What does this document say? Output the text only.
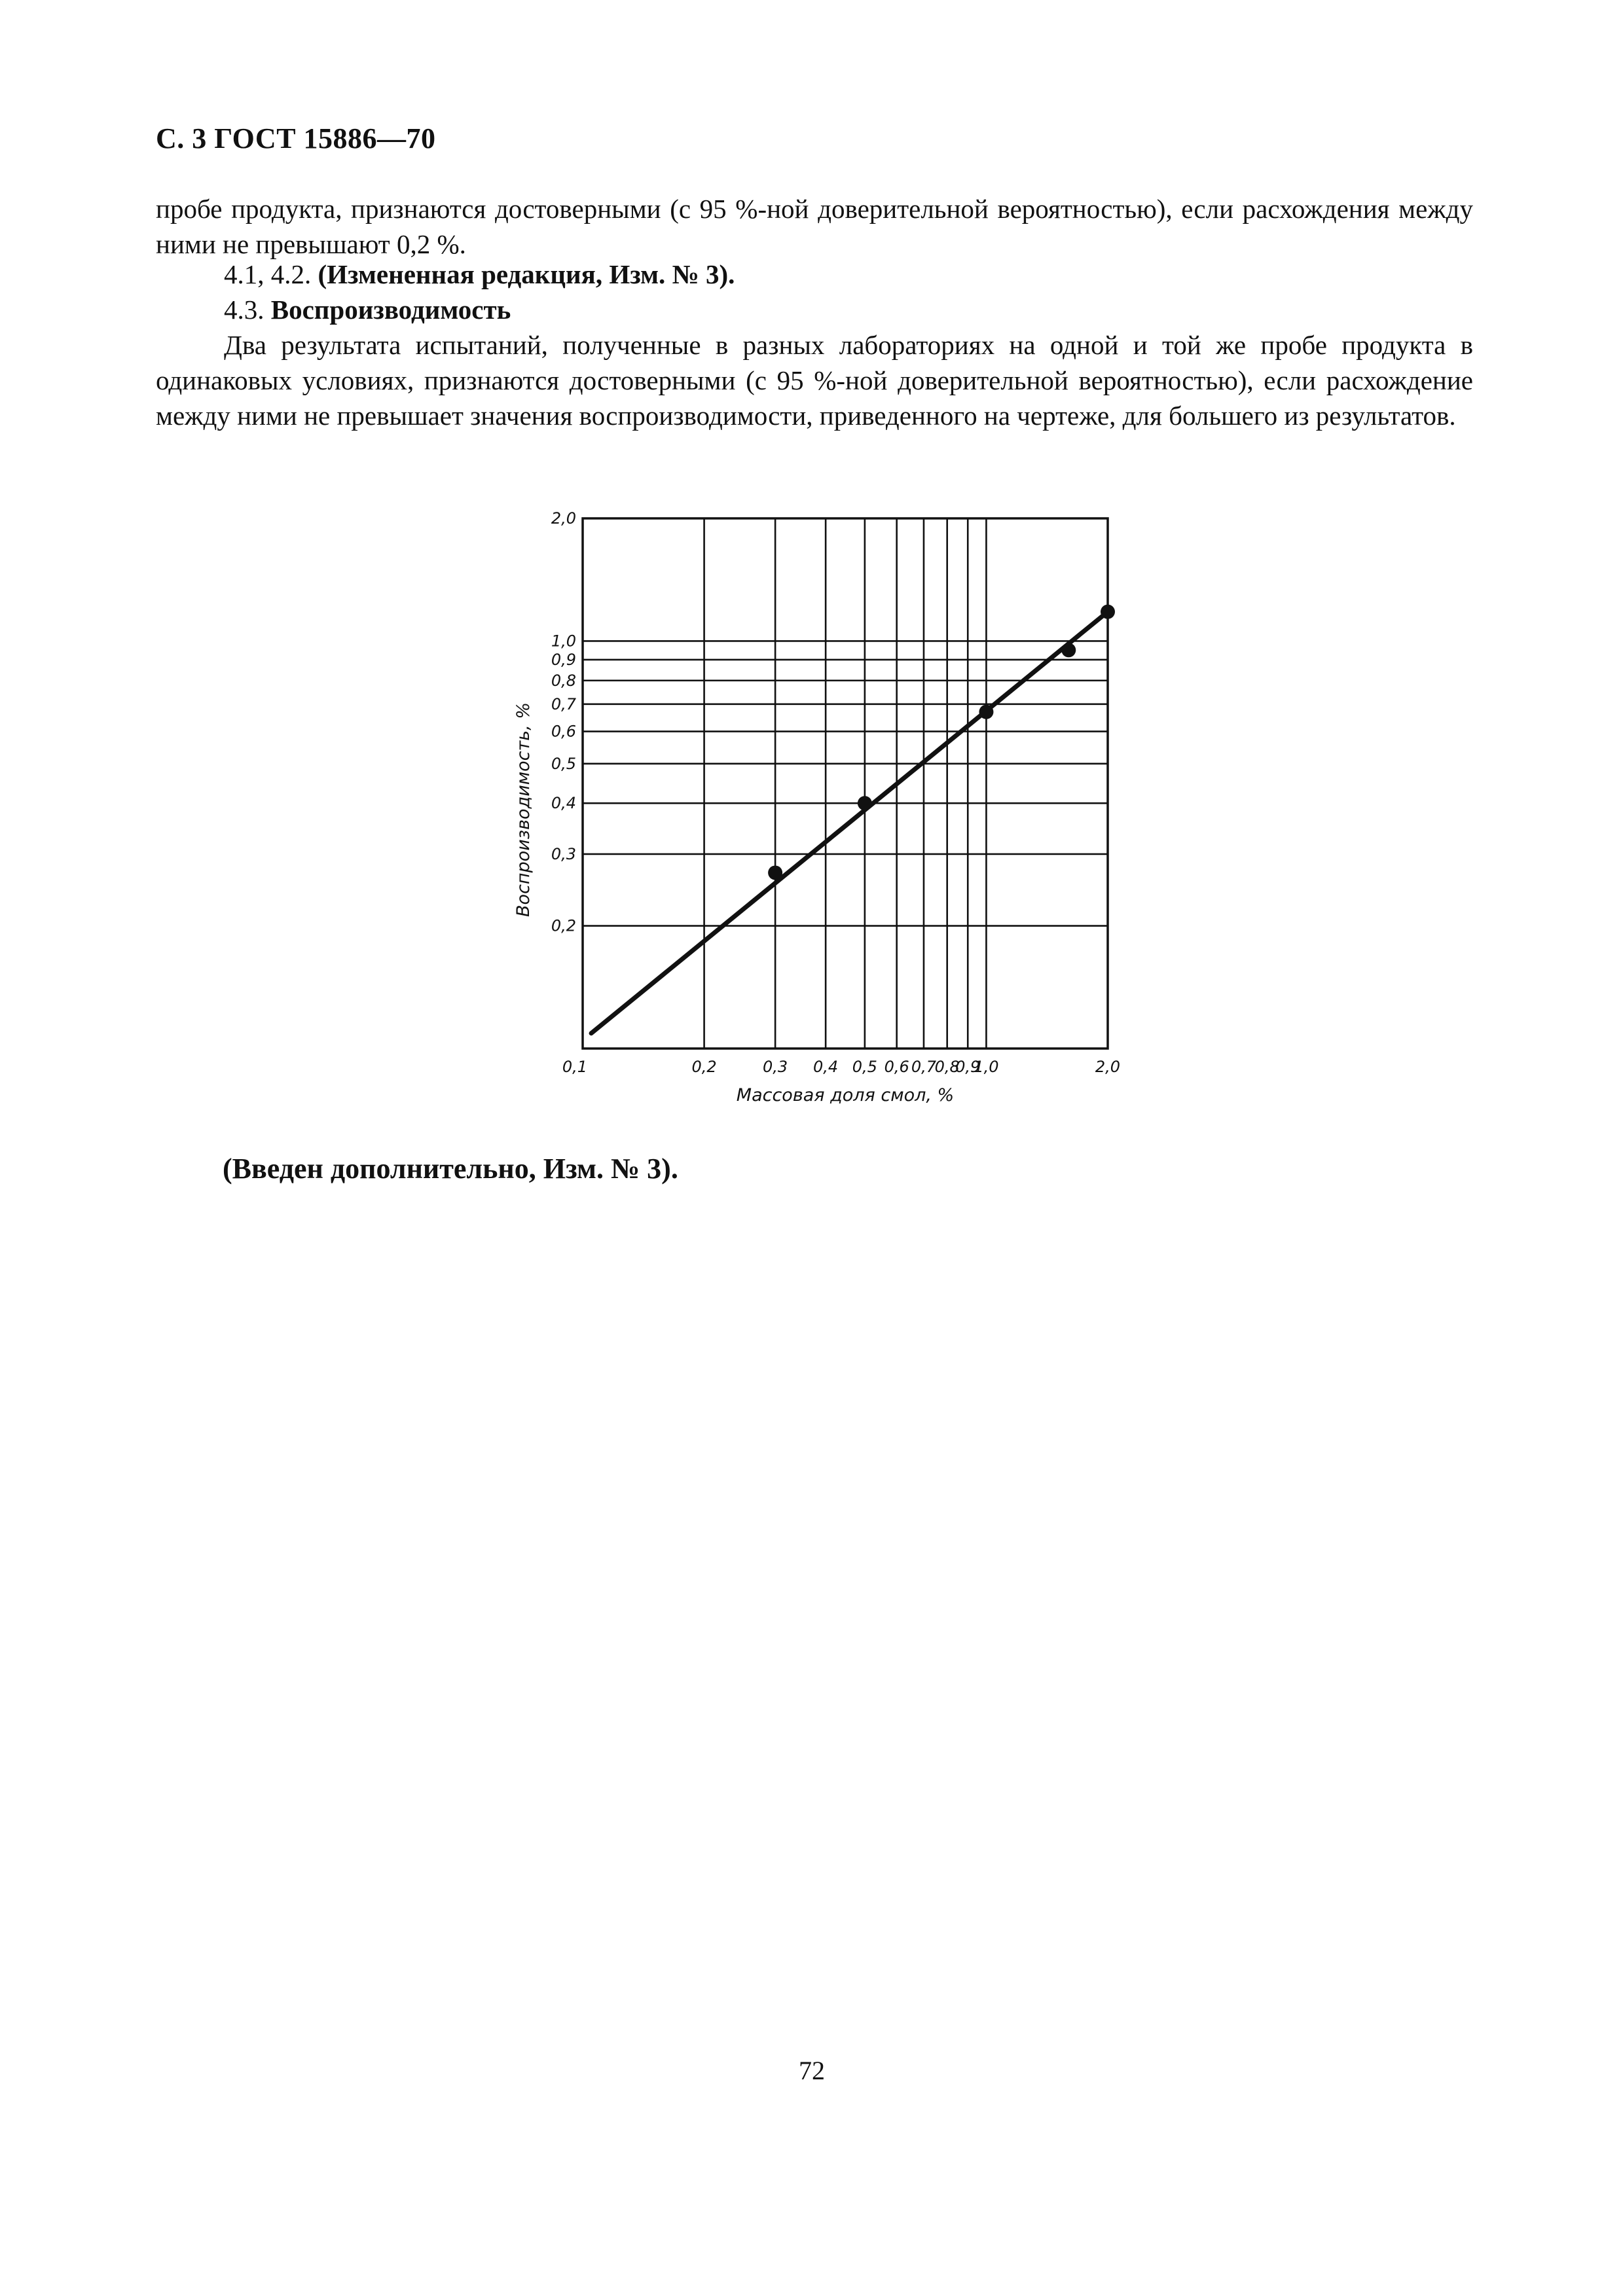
С. 3 ГОСТ 15886—70
пробе продукта, признаются достоверными (с 95 %-ной доверительной вероятностью), если расхождения между ними не превышают 0,2 %.
4.1, 4.2. (Измененная редакция, Изм. № 3).
4.3. Воспроизводимость
Два результата испытаний, полученные в разных лабораториях на одной и той же пробе продукта в одинаковых условиях, признаются достоверными (с 95 %-ной доверительной вероятностью), если расхождение между ними не превышает значения воспроизводимости, приведенного на чертеже, для большего из результатов.
0,1	0,2	0,3 0,4 0,5 0,6 0,7
0,8
0,9
1,0	2,0
0,2
0,3
0,4
0,5
0,6
0,7
0,8
0,9
1,0
2,0
Массовая доля смол, %
Воспроизводимость, %
(Введен дополнительно, Изм. № 3).
72
